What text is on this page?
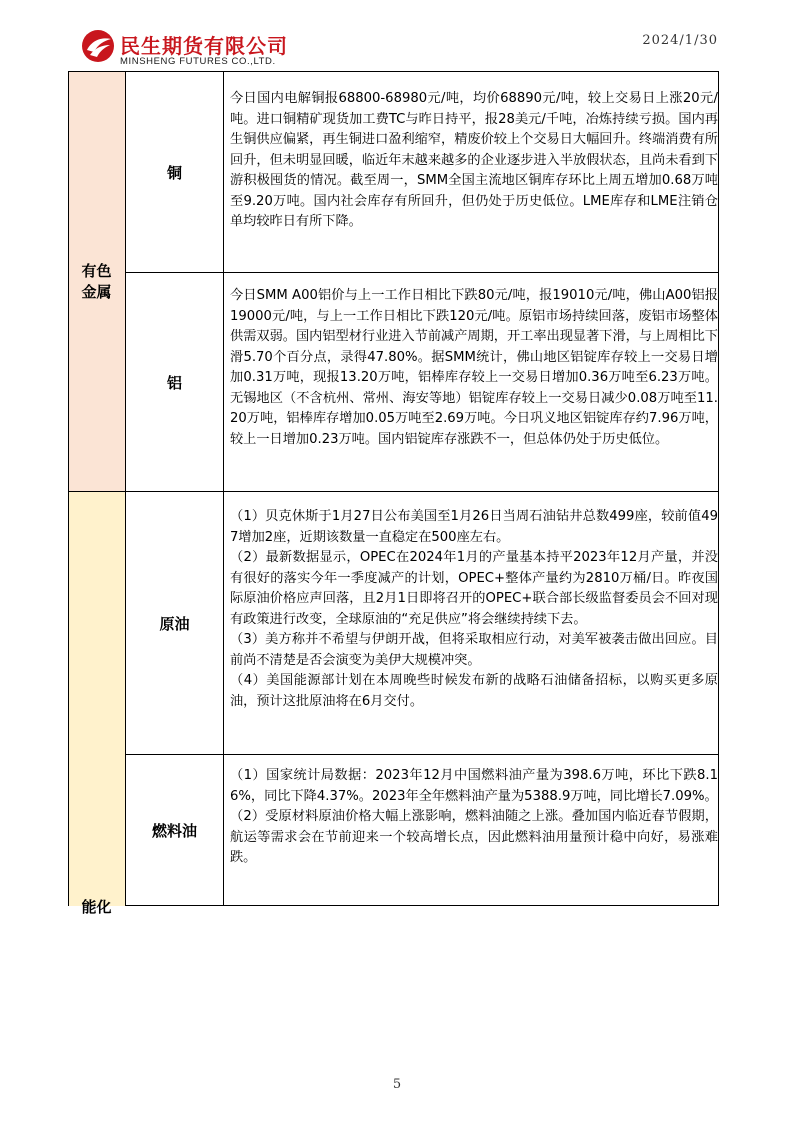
民生期货有限公司
MINSHENG FUTURES CO.,LTD.
2024/1/30
有色金属
能化
铜
铝
原油
燃料油

今日国内电解铜报68800-68980元/吨，均价68890元/吨，较上交易日上涨20元/吨。进口铜精矿现货加工费TC与昨日持平，报28美元/千吨，冶炼持续亏损。国内再生铜供应偏紧，再生铜进口盈利缩窄，精废价较上个交易日大幅回升。终端消费有所回升，但未明显回暖，临近年末越来越多的企业逐步进入半放假状态，且尚未看到下游积极囤货的情况。截至周一，SMM全国主流地区铜库存环比上周五增加0.68万吨至9.20万吨。国内社会库存有所回升，但仍处于历史低位。LME库存和LME注销仓单均较昨日有所下降。

今日SMM A00铝价与上一工作日相比下跌80元/吨，报19010元/吨，佛山A00铝报19000元/吨，与上一工作日相比下跌120元/吨。原铝市场持续回落，废铝市场整体供需双弱。国内铝型材行业进入节前减产周期，开工率出现显著下滑，与上周相比下滑5.70个百分点，录得47.80%。据SMM统计，佛山地区铝锭库存较上一交易日增加0.31万吨，现报13.20万吨，铝棒库存较上一交易日增加0.36万吨至6.23万吨。无锡地区（不含杭州、常州、海安等地）铝锭库存较上一交易日减少0.08万吨至11.20万吨，铝棒库存增加0.05万吨至2.69万吨。今日巩义地区铝锭库存约7.96万吨，较上一日增加0.23万吨。国内铝锭库存涨跌不一，但总体仍处于历史低位。

（1）贝克休斯于1月27日公布美国至1月26日当周石油钻井总数499座，较前值497增加2座，近期该数量一直稳定在500座左右。

（2）最新数据显示，OPEC在2024年1月的产量基本持平2023年12月产量，并没有很好的落实今年一季度减产的计划，OPEC+整体产量约为2810万桶/日。昨夜国际原油价格应声回落，且2月1日即将召开的OPEC+联合部长级监督委员会不回对现有政策进行改变，全球原油的“充足供应”将会继续持续下去。

（3）美方称并不希望与伊朗开战，但将采取相应行动，对美军被袭击做出回应。目前尚不清楚是否会演变为美伊大规模冲突。

（4）美国能源部计划在本周晚些时候发布新的战略石油储备招标，以购买更多原油，预计这批原油将在6月交付。

（1）国家统计局数据：2023年12月中国燃料油产量为398.6万吨，环比下跌8.16%，同比下降4.37%。2023年全年燃料油产量为5388.9万吨，同比增长7.09%。

（2）受原材料原油价格大幅上涨影响，燃料油随之上涨。叠加国内临近春节假期，航运等需求会在节前迎来一个较高增长点，因此燃料油用量预计稳中向好，易涨难跌。

5
